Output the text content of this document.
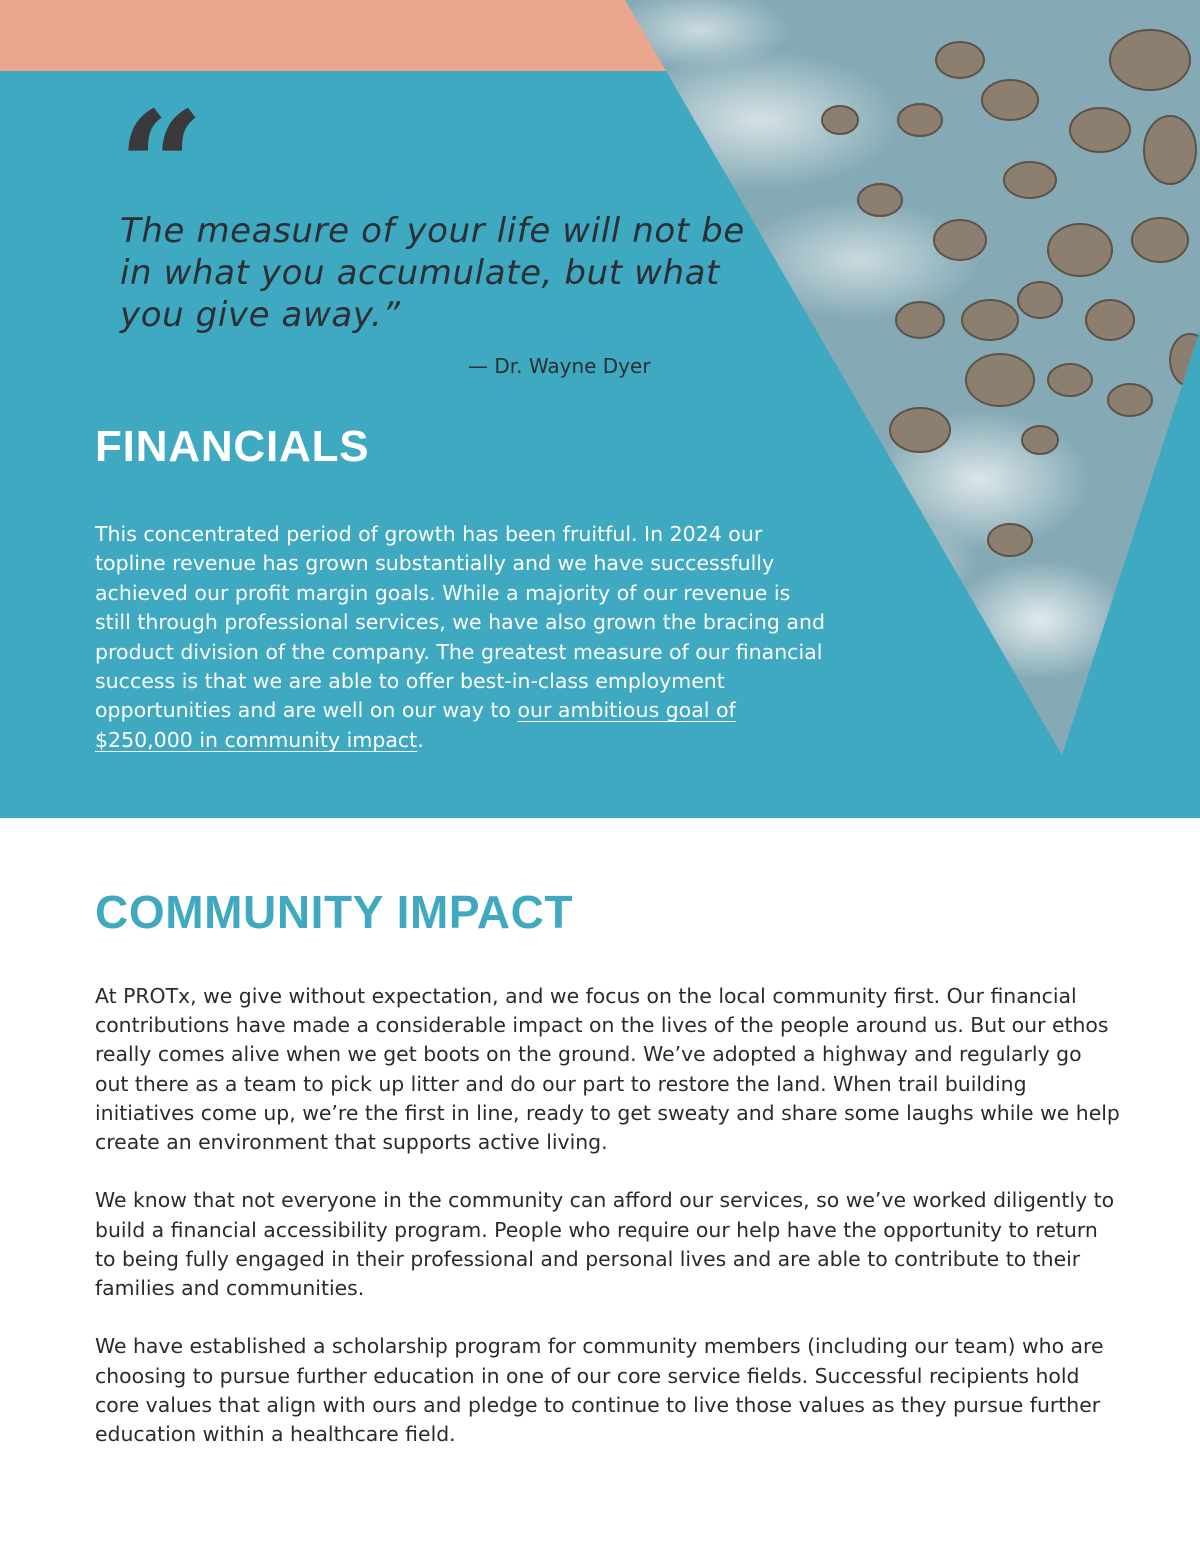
“

The measure of your life will not be in what you accumulate, but what you give away.”

— Dr. Wayne Dyer
FINANCIALS

This concentrated period of growth has been fruitful. In 2024 our topline revenue has grown substantially and we have successfully achieved our profit margin goals. While a majority of our revenue is still through professional services, we have also grown the bracing and product division of the company. The greatest measure of our financial success is that we are able to offer best-in-class employment opportunities and are well on our way to our ambitious goal of $250,000 in community impact.

COMMUNITY IMPACT

At PROTx, we give without expectation, and we focus on the local community first. Our financial contributions have made a considerable impact on the lives of the people around us. But our ethos really comes alive when we get boots on the ground. We’ve adopted a highway and regularly go out there as a team to pick up litter and do our part to restore the land. When trail building initiatives come up, we’re the first in line, ready to get sweaty and share some laughs while we help create an environment that supports active living.

We know that not everyone in the community can afford our services, so we’ve worked diligently to build a financial accessibility program. People who require our help have the opportunity to return to being fully engaged in their professional and personal lives and are able to contribute to their families and communities.

We have established a scholarship program for community members (including our team) who are choosing to pursue further education in one of our core service fields. Successful recipients hold core values that align with ours and pledge to continue to live those values as they pursue further education within a healthcare field.
